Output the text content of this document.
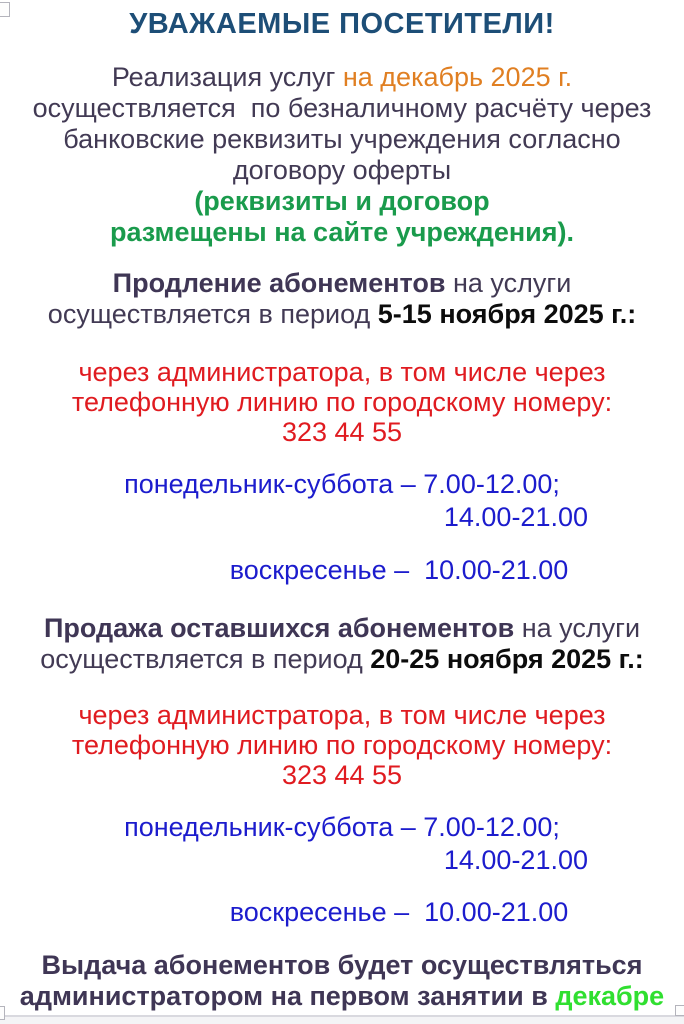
УВАЖАЕМЫЕ ПОСЕТИТЕЛИ!
Реализация услуг на декабрь 2025 г.
осуществляется  по безналичному расчёту через
банковские реквизиты учреждения согласно
договору оферты
(реквизиты и договор
размещены на сайте учреждения).
Продление абонементов на услуги
осуществляется в период 5-15 ноября 2025 г.:
через администратора, в том числе через
телефонную линию по городскому номеру:
323 44 55
понедельник-суббота – 7.00-12.00;
14.00-21.00
воскресенье –  10.00-21.00
Продажа оставшихся абонементов на услуги
осуществляется в период 20-25 ноября 2025 г.:
через администратора, в том числе через
телефонную линию по городскому номеру:
323 44 55
понедельник-суббота – 7.00-12.00;
14.00-21.00
воскресенье –  10.00-21.00
Выдача абонементов будет осуществляться
администратором на первом занятии в декабре
